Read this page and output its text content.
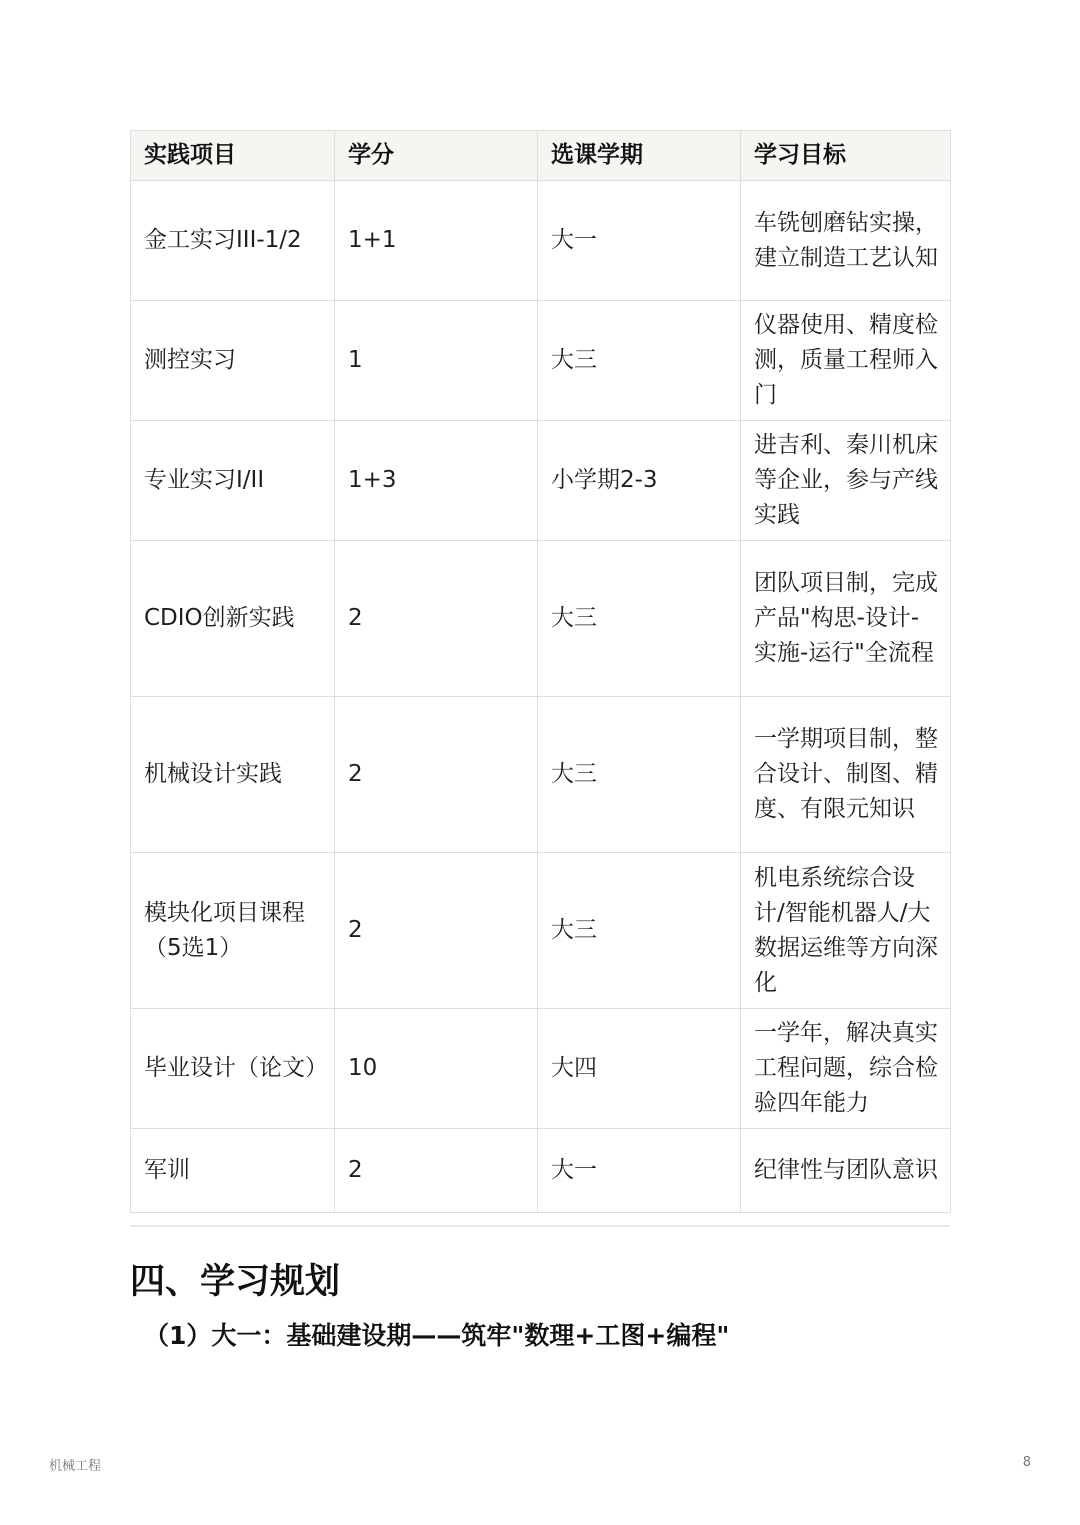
实践项目	学分	选课学期	学习目标
金工实习III-1/2	1+1	大一	车铣刨磨钻实操，建立制造工艺认知
测控实习	1	大三	仪器使用、精度检测，质量工程师入门
专业实习I/II	1+3	小学期2-3	进吉利、秦川机床等企业，参与产线实践
CDIO创新实践	2	大三	团队项目制，完成产品"构思-设计-实施-运行"全流程
机械设计实践	2	大三	一学期项目制，整合设计、制图、精度、有限元知识
模块化项目课程（5选1）	2	大三	机电系统综合设计/智能机器人/大数据运维等方向深化
毕业设计（论文）	10	大四	一学年，解决真实工程问题，综合检验四年能力
军训	2	大一	纪律性与团队意识
四、学习规划
（1）大一：基础建设期——筑牢"数理+工图+编程"
机械工程	8
